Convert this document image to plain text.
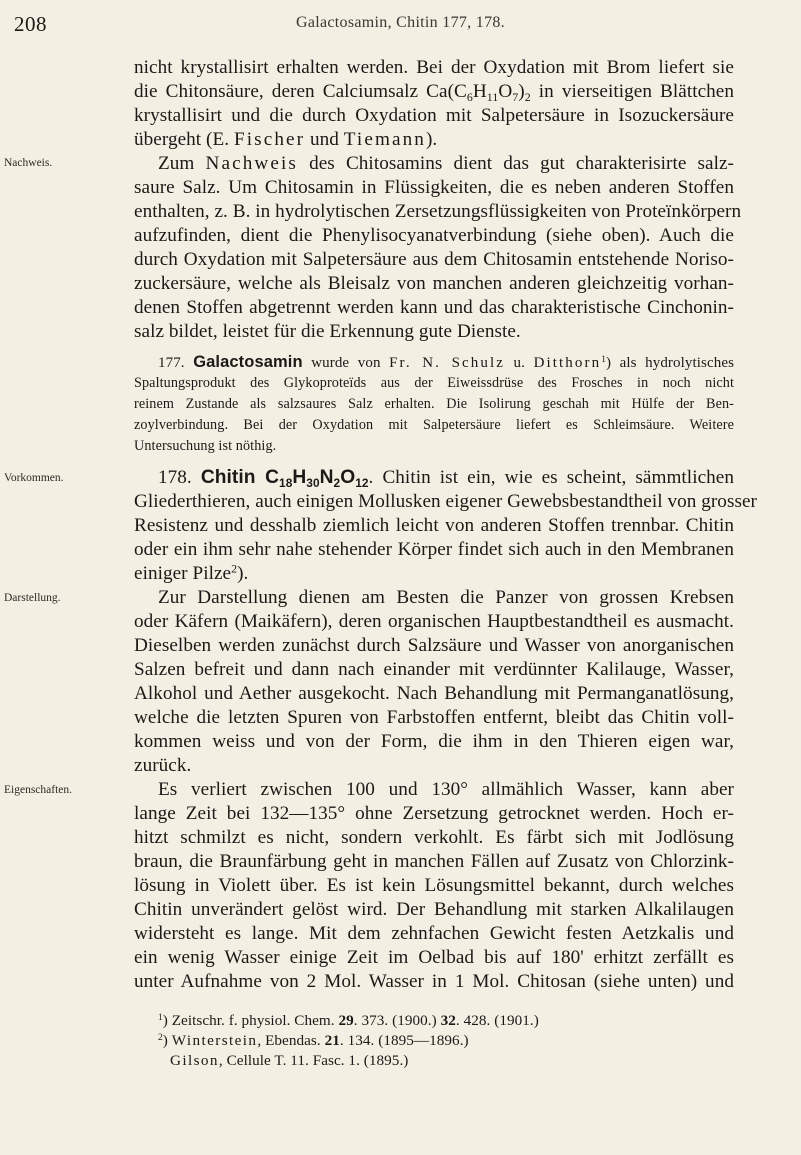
208	Galactosamin, Chitin 177, 178.
nicht krystallisirt erhalten werden. Bei der Oxydation mit Brom liefert sie
die Chitonsäure, deren Calciumsalz $Ca(C_6H_{11}O_7)_2$ in vierseitigen Blättchen
krystallisirt und die durch Oxydation mit Salpetersäure in Isozuckersäure
übergeht (E. Fischer und Tiemann).
Nachweis.	Zum Nachweis des Chitosamins dient das gut charakterisirte salz-
saure Salz. Um Chitosamin in Flüssigkeiten, die es neben anderen Stoffen
enthalten, z. B. in hydrolytischen Zersetzungsflüssigkeiten von Proteïnkörpern
aufzufinden, dient die Phenylisocyanatverbindung (siehe oben). Auch die
durch Oxydation mit Salpetersäure aus dem Chitosamin entstehende Noriso-
zuckersäure, welche als Bleisalz von manchen anderen gleichzeitig vorhan-
denen Stoffen abgetrennt werden kann und das charakteristische Cinchonin-
salz bildet, leistet für die Erkennung gute Dienste.
177. Galactosamin wurde von Fr. N. Schulz u. Ditthorn$^1$) als hydrolytisches
Spaltungsprodukt des Glykoproteïds aus der Eiweissdrüse des Frosches in noch nicht
reinem Zustande als salzsaures Salz erhalten. Die Isolirung geschah mit Hülfe der Ben-
zoylverbindung. Bei der Oxydation mit Salpetersäure liefert es Schleimsäure. Weitere
Untersuchung ist nöthig.
Vorkommen.	178. Chitin $C_{18}H_{30}N_2O_{12}$. Chitin ist ein, wie es scheint, sämmtlichen
Gliederthieren, auch einigen Mollusken eigener Gewebsbestandtheil von grosser
Resistenz und desshalb ziemlich leicht von anderen Stoffen trennbar. Chitin
oder ein ihm sehr nahe stehender Körper findet sich auch in den Membranen
einiger Pilze$^2$).
Darstellung.	Zur Darstellung dienen am Besten die Panzer von grossen Krebsen
oder Käfern (Maikäfern), deren organischen Hauptbestandtheil es ausmacht.
Dieselben werden zunächst durch Salzsäure und Wasser von anorganischen
Salzen befreit und dann nach einander mit verdünnter Kalilauge, Wasser,
Alkohol und Aether ausgekocht. Nach Behandlung mit Permanganatlösung,
welche die letzten Spuren von Farbstoffen entfernt, bleibt das Chitin voll-
kommen weiss und von der Form, die ihm in den Thieren eigen war,
zurück.
Eigenschaften.	Es verliert zwischen 100 und 130° allmählich Wasser, kann aber
lange Zeit bei 132—135° ohne Zersetzung getrocknet werden. Hoch er-
hitzt schmilzt es nicht, sondern verkohlt. Es färbt sich mit Jodlösung
braun, die Braunfärbung geht in manchen Fällen auf Zusatz von Chlorzink-
lösung in Violett über. Es ist kein Lösungsmittel bekannt, durch welches
Chitin unverändert gelöst wird. Der Behandlung mit starken Alkalilaugen
widersteht es lange. Mit dem zehnfachen Gewicht festen Aetzkalis und
ein wenig Wasser einige Zeit im Oelbad bis auf 180' erhitzt zerfällt es
unter Aufnahme von 2 Mol. Wasser in 1 Mol. Chitosan (siehe unten) und
$^1$) Zeitschr. f. physiol. Chem. 29. 373. (1900.) 32. 428. (1901.)
$^2$) Winterstein, Ebendas. 21. 134. (1895—1896.)
Gilson, Cellule T. 11. Fasc. 1. (1895.)
